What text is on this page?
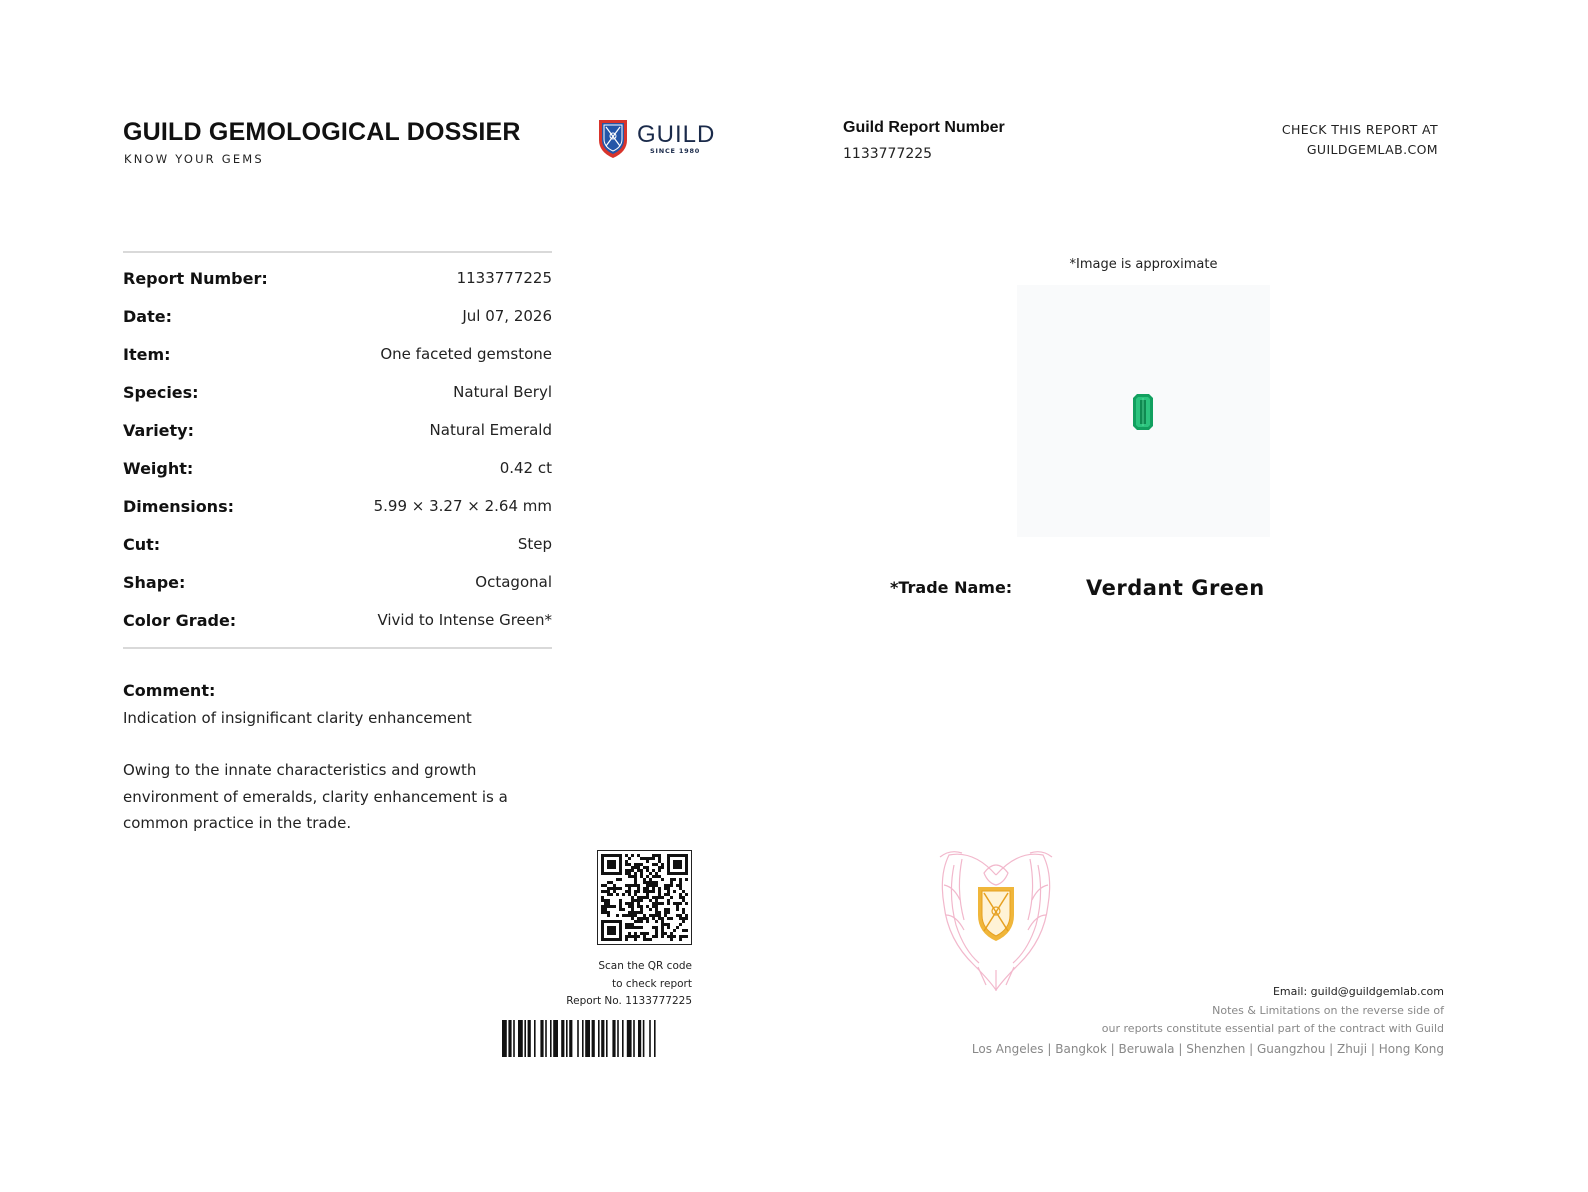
GUILD GEMOLOGICAL DOSSIER
KNOW YOUR GEMS
GUILD
SINCE 1980
Guild Report Number
1133777225
CHECK THIS REPORT AT
GUILDGEMLAB.COM
Report Number:	1133777225
Date:	Jul 07, 2026
Item:	One faceted gemstone
Species:	Natural Beryl
Variety:	Natural Emerald
Weight:	0.42 ct
Dimensions:	5.99 × 3.27 × 2.64 mm
Cut:	Step
Shape:	Octagonal
Color Grade:	Vivid to Intense Green*
Comment:
Indication of insignificant clarity enhancement
Owing to the innate characteristics and growth environment of emeralds, clarity enhancement is a common practice in the trade.
*Image is approximate
*Trade Name:	Verdant Green
Scan the QR code
to check report
Report No. 1133777225
Email: guild@guildgemlab.com
Notes & Limitations on the reverse side of
our reports constitute essential part of the contract with Guild
Los Angeles | Bangkok | Beruwala | Shenzhen | Guangzhou | Zhuji | Hong Kong
